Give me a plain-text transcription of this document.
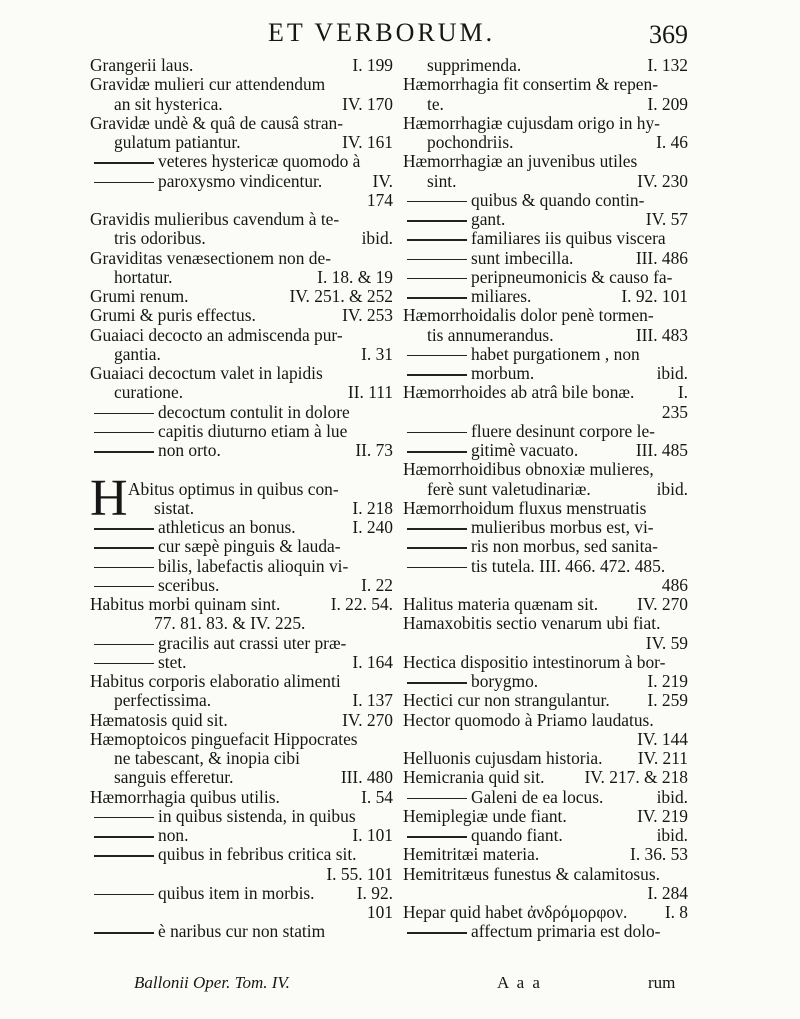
ET VERBORUM.	369
Grangerii laus.	I. 199
Gravidæ mulieri cur attendendum
an sit hysterica.	IV. 170
Gravidæ undè & quâ de causâ stran-
gulatum patiantur.	IV. 161
veteres hystericæ quomodo à
paroxysmo vindicentur.	IV.
174
Gravidis mulieribus cavendum à te-
tris odoribus.	ibid.
Graviditas venæsectionem non de-
hortatur.	I. 18. & 19
Grumi renum.	IV. 251. & 252
Grumi & puris effectus.	IV. 253
Guaiaci decocto an admiscenda pur-
gantia.	I. 31
Guaiaci decoctum valet in lapidis
curatione.	II. 111
decoctum contulit in dolore
capitis diuturno etiam à lue
non orto.	II. 73
H Abitus optimus in quibus con-
sistat.	I. 218
athleticus an bonus.	I. 240
cur sæpè pinguis & lauda-
bilis, labefactis alioquin vi-
sceribus.	I. 22
Habitus morbi quinam sint.	I. 22. 54.
77. 81. 83. & IV. 225.
gracilis aut crassi uter præ-
stet.	I. 164
Habitus corporis elaboratio alimenti
perfectissima.	I. 137
Hæmatosis quid sit.	IV. 270
Hæmoptoicos pinguefacit Hippocrates
ne tabescant, & inopia cibi
sanguis efferetur.	III. 480
Hæmorrhagia quibus utilis.	I. 54
in quibus sistenda, in quibus
non.	I. 101
quibus in febribus critica sit.
I. 55. 101
quibus item in morbis. I. 92.
101
è naribus cur non statim
supprimenda.	I. 132
Hæmorrhagia fit consertim & repen-
te.	I. 209
Hæmorrhagiæ cujusdam origo in hy-
pochondriis.	I. 46
Hæmorrhagiæ an juvenibus utiles
sint.	IV. 230
quibus & quando contin-
gant.	IV. 57
familiares iis quibus viscera
sunt imbecilla.	III. 486
peripneumonicis & causo fa-
miliares.	I. 92. 101
Hæmorrhoidalis dolor penè tormen-
tis annumerandus.	III. 483
habet purgationem , non
morbum.	ibid.
Hæmorrhoides ab atrâ bile bonæ.	I.
235
fluere desinunt corpore le-
gitimè vacuato.	III. 485
Hæmorrhoidibus obnoxiæ mulieres,
ferè sunt valetudinariæ.	ibid.
Hæmorrhoidum fluxus menstruatis
mulieribus morbus est, vi-
ris non morbus, sed sanita-
tis tutela. III. 466. 472. 485.
486
Halitus materia quænam sit. IV. 270
Hamaxobitis sectio venarum ubi fiat.
IV. 59
Hectica dispositio intestinorum à bor-
borygmo.	I. 219
Hectici cur non strangulantur. I. 259
Hector quomodo à Priamo laudatus.
IV. 144
Helluonis cujusdam historia. IV. 211
Hemicrania quid sit. IV. 217. & 218
Galeni de ea locus.	ibid.
Hemiplegiæ unde fiant.	IV. 219
quando fiant.	ibid.
Hemitritæi materia.	I. 36. 53
Hemitritæus funestus & calamitosus.
I. 284
Hepar quid habet ἀνδρόμορφον. I. 8
affectum primaria est dolo-
Ballonii Oper. Tom. IV.	A a a	rum
